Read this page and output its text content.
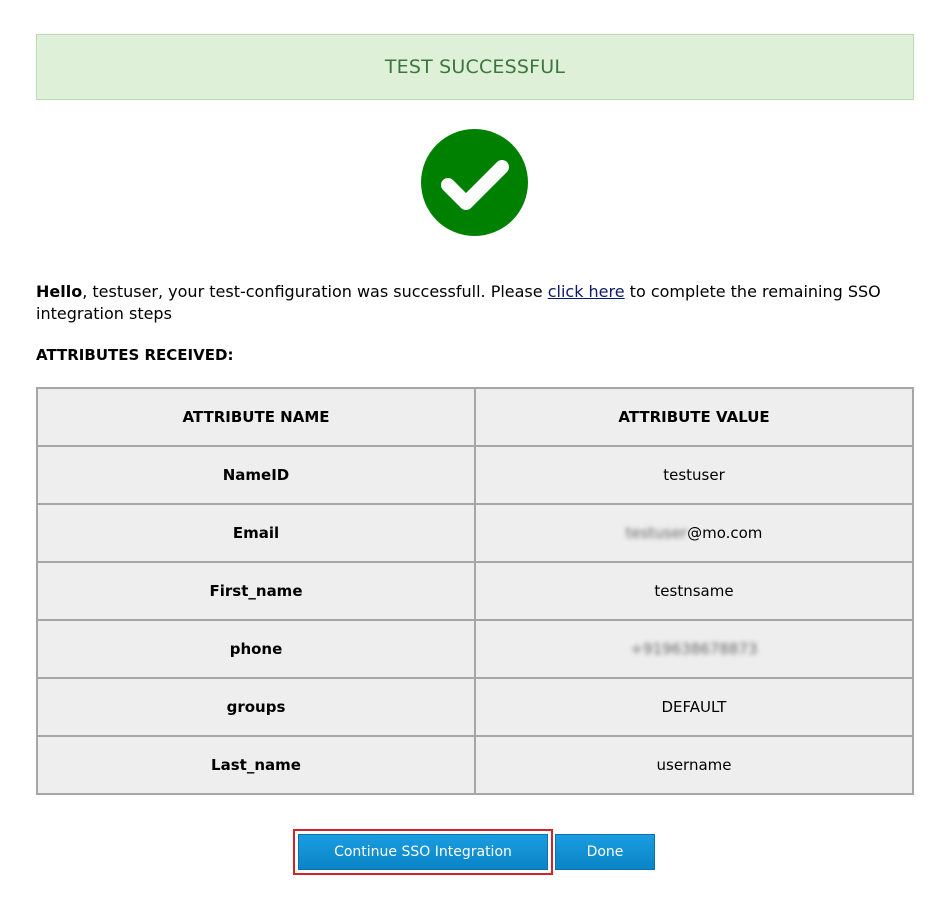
TEST SUCCESSFUL
Hello, testuser, your test-configuration was successfull. Please click here to complete the remaining SSO integration steps
ATTRIBUTES RECEIVED:
ATTRIBUTE NAME	ATTRIBUTE VALUE
NameID	testuser
Email	testuser@mo.com
First_name	testnsame
phone	+919638678873
groups	DEFAULT
Last_name	username
Continue SSO Integration	Done
